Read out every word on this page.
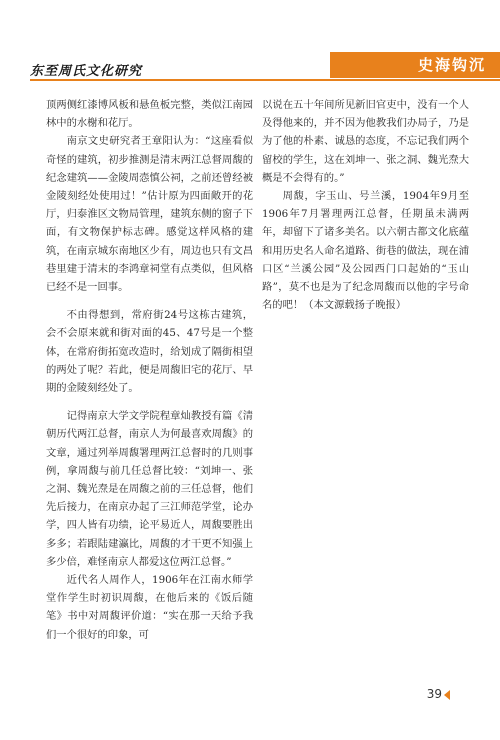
东至周氏文化研究	史海钩沉

顶两侧红漆博风板和悬鱼板完整，类似江南园林中的水榭和花厅。

南京文史研究者王章阳认为：“这座看似奇怪的建筑，初步推测是清末两江总督周馥的纪念建筑——金陵周悫慎公祠，之前还曾经被金陵刻经处使用过！”估计原为四面敞开的花厅，归泰淮区文物局管理，建筑东侧的窗子下面，有文物保护标志碑。感觉这样风格的建筑，在南京城东南地区少有，周边也只有文昌巷里建于清末的李鸿章祠堂有点类似，但风格已经不是一回事。

不由得想到，常府街24号这栋古建筑，会不会原来就和街对面的45、47号是一个整体，在常府街拓宽改造时，给划成了隔街相望的两处了呢？若此，便是周馥旧宅的花厅、早期的金陵刻经处了。

记得南京大学文学院程章灿教授有篇《清朝历代两江总督，南京人为何最喜欢周馥》的文章，通过列举周馥署理两江总督时的几则事例，拿周馥与前几任总督比较：“刘坤一、张之洞、魏光焘是在周馥之前的三任总督，他们先后接力，在南京办起了三江师范学堂，论办学，四人皆有功绩，论平易近人，周馥要胜出多多；若跟陆建瀛比，周馥的才干更不知强上多少倍，难怪南京人都爱这位两江总督。”

近代名人周作人，1906年在江南水师学堂作学生时初识周馥，在他后来的《饭后随笔》书中对周馥评价道：“实在那一天给予我们一个很好的印象，可

以说在五十年间所见新旧官吏中，没有一个人及得他来的，并不因为他教我们办局子，乃是为了他的朴素、诚恳的态度，不忘记我们两个留校的学生，这在刘坤一、张之洞、魏光焘大概是不会得有的。”

周馥，字玉山、号兰溪，1904年9月至1906年7月署理两江总督，任期虽未满两年，却留下了诸多美名。以六朝古都文化底蕴和用历史名人命名道路、街巷的做法，现在浦口区“兰溪公园”及公园西门口起始的“玉山路”，莫不也是为了纪念周馥而以他的字号命名的吧！（本文源载扬子晚报）

39
